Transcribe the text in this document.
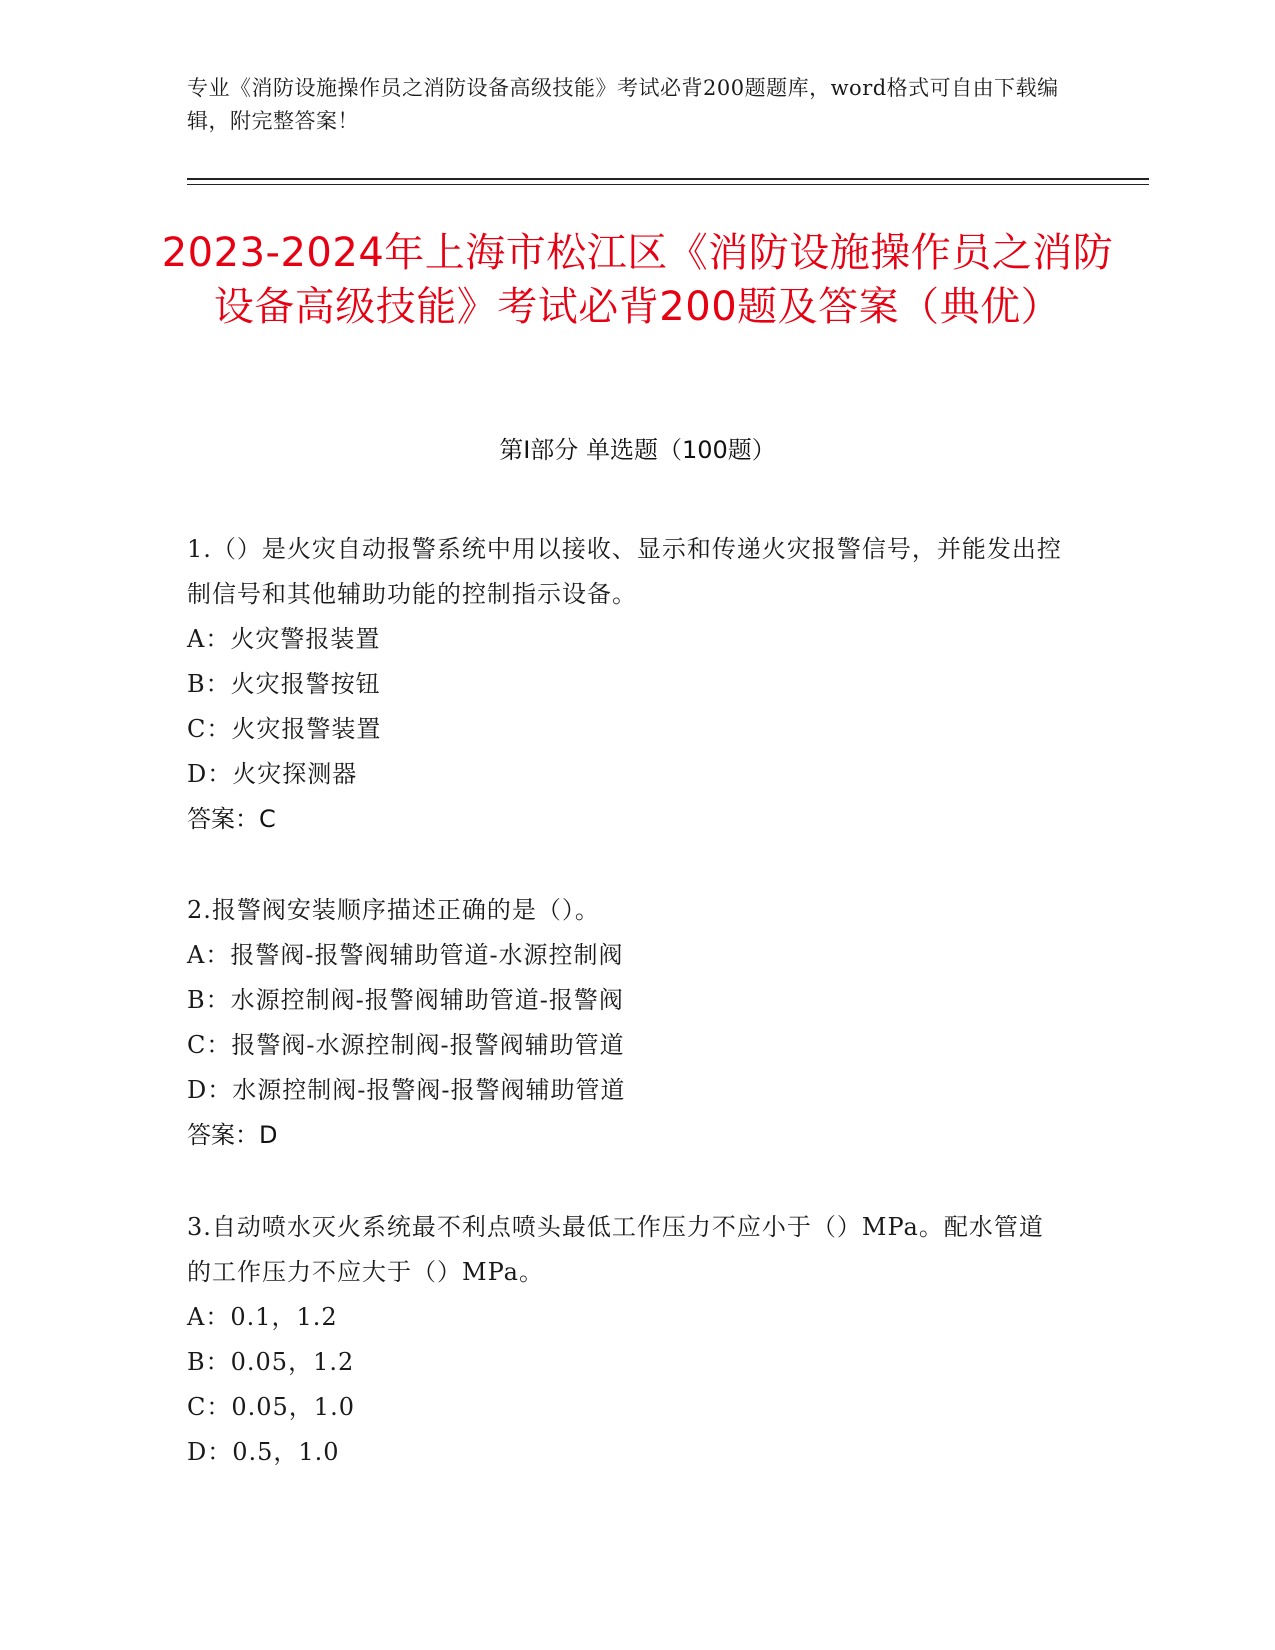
专业《消防设施操作员之消防设备高级技能》考试必背200题题库，word格式可自由下载编辑，附完整答案！
2023-2024年上海市松江区《消防设施操作员之消防设备高级技能》考试必背200题及答案（典优）
第Ⅰ部分 单选题（100题）
1.（）是火灾自动报警系统中用以接收、显示和传递火灾报警信号，并能发出控制信号和其他辅助功能的控制指示设备。
A：火灾警报装置
B：火灾报警按钮
C：火灾报警装置
D：火灾探测器
答案：C
2.报警阀安装顺序描述正确的是（）。
A：报警阀-报警阀辅助管道-水源控制阀
B：水源控制阀-报警阀辅助管道-报警阀
C：报警阀-水源控制阀-报警阀辅助管道
D：水源控制阀-报警阀-报警阀辅助管道
答案：D
3.自动喷水灭火系统最不利点喷头最低工作压力不应小于（）MPa。配水管道的工作压力不应大于（）MPa。
A：0.1，1.2
B：0.05，1.2
C：0.05，1.0
D：0.5，1.0
